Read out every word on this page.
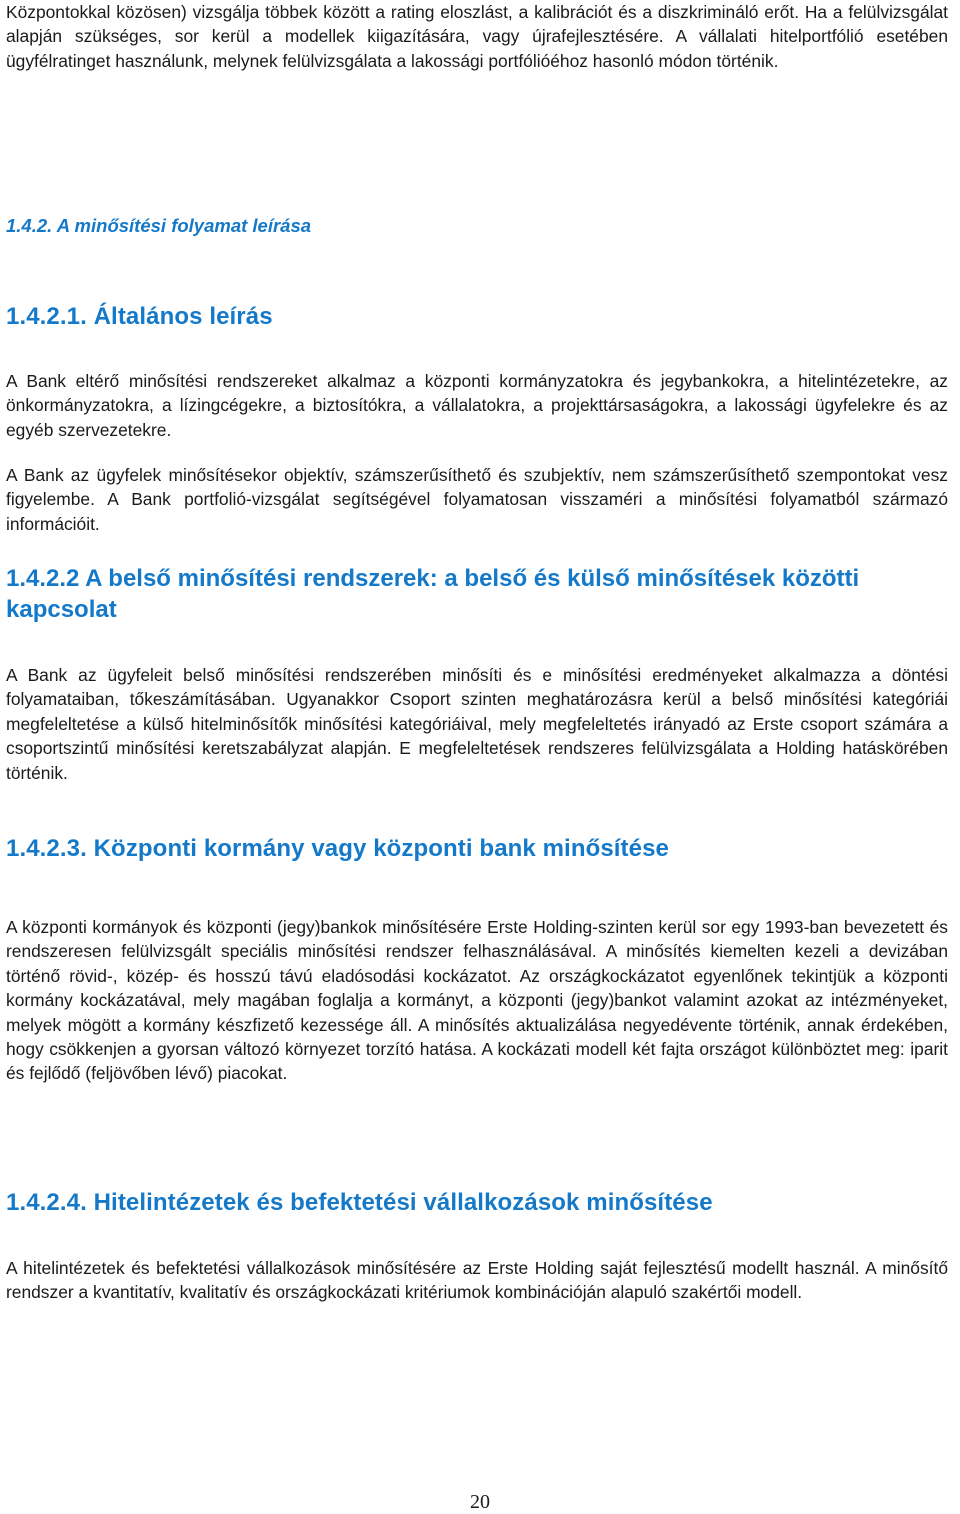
Központokkal közösen) vizsgálja többek között a rating eloszlást, a kalibrációt és a diszkrimináló erőt. Ha a felülvizsgálat alapján szükséges, sor kerül a modellek kiigazítására, vagy újrafejlesztésére. A vállalati hitelportfólió esetében ügyfélratinget használunk, melynek felülvizsgálata a lakossági portfólióéhoz hasonló módon történik.

1.4.2. A minősítési folyamat leírása
1.4.2.1. Általános leírás

A Bank eltérő minősítési rendszereket alkalmaz a központi kormányzatokra és jegybankokra, a hitelintézetekre, az önkormányzatokra, a lízingcégekre, a biztosítókra, a vállalatokra, a projekttársaságokra, a lakossági ügyfelekre és az egyéb szervezetekre.

A Bank az ügyfelek minősítésekor objektív, számszerűsíthető és szubjektív, nem számszerűsíthető szempontokat vesz figyelembe. A Bank portfolió-vizsgálat segítségével folyamatosan visszaméri a minősítési folyamatból származó információit.

1.4.2.2 A belső minősítési rendszerek: a belső és külső minősítések közötti kapcsolat

A Bank az ügyfeleit belső minősítési rendszerében minősíti és e minősítési eredményeket alkalmazza a döntési folyamataiban, tőkeszámításában. Ugyanakkor Csoport szinten meghatározásra kerül a belső minősítési kategóriái megfeleltetése a külső hitelminősítők minősítési kategóriáival, mely megfeleltetés irányadó az Erste csoport számára a csoportszintű minősítési keretszabályzat alapján. E megfeleltetések rendszeres felülvizsgálata a Holding hatáskörében történik.

1.4.2.3. Központi kormány vagy központi bank minősítése

A központi kormányok és központi (jegy)bankok minősítésére Erste Holding-szinten kerül sor egy 1993-ban bevezetett és rendszeresen felülvizsgált speciális minősítési rendszer felhasználásával. A minősítés kiemelten kezeli a devizában történő rövid-, közép- és hosszú távú eladósodási kockázatot. Az országkockázatot egyenlőnek tekintjük a központi kormány kockázatával, mely magában foglalja a kormányt, a központi (jegy)bankot valamint azokat az intézményeket, melyek mögött a kormány készfizető kezessége áll. A minősítés aktualizálása negyedévente történik, annak érdekében, hogy csökkenjen a gyorsan változó környezet torzító hatása. A kockázati modell két fajta országot különböztet meg: iparit és fejlődő (feljövőben lévő) piacokat.

1.4.2.4. Hitelintézetek és befektetési vállalkozások minősítése

A hitelintézetek és befektetési vállalkozások minősítésére az Erste Holding saját fejlesztésű modellt használ. A minősítő rendszer a kvantitatív, kvalitatív és országkockázati kritériumok kombinációján alapuló szakértői modell.

20
